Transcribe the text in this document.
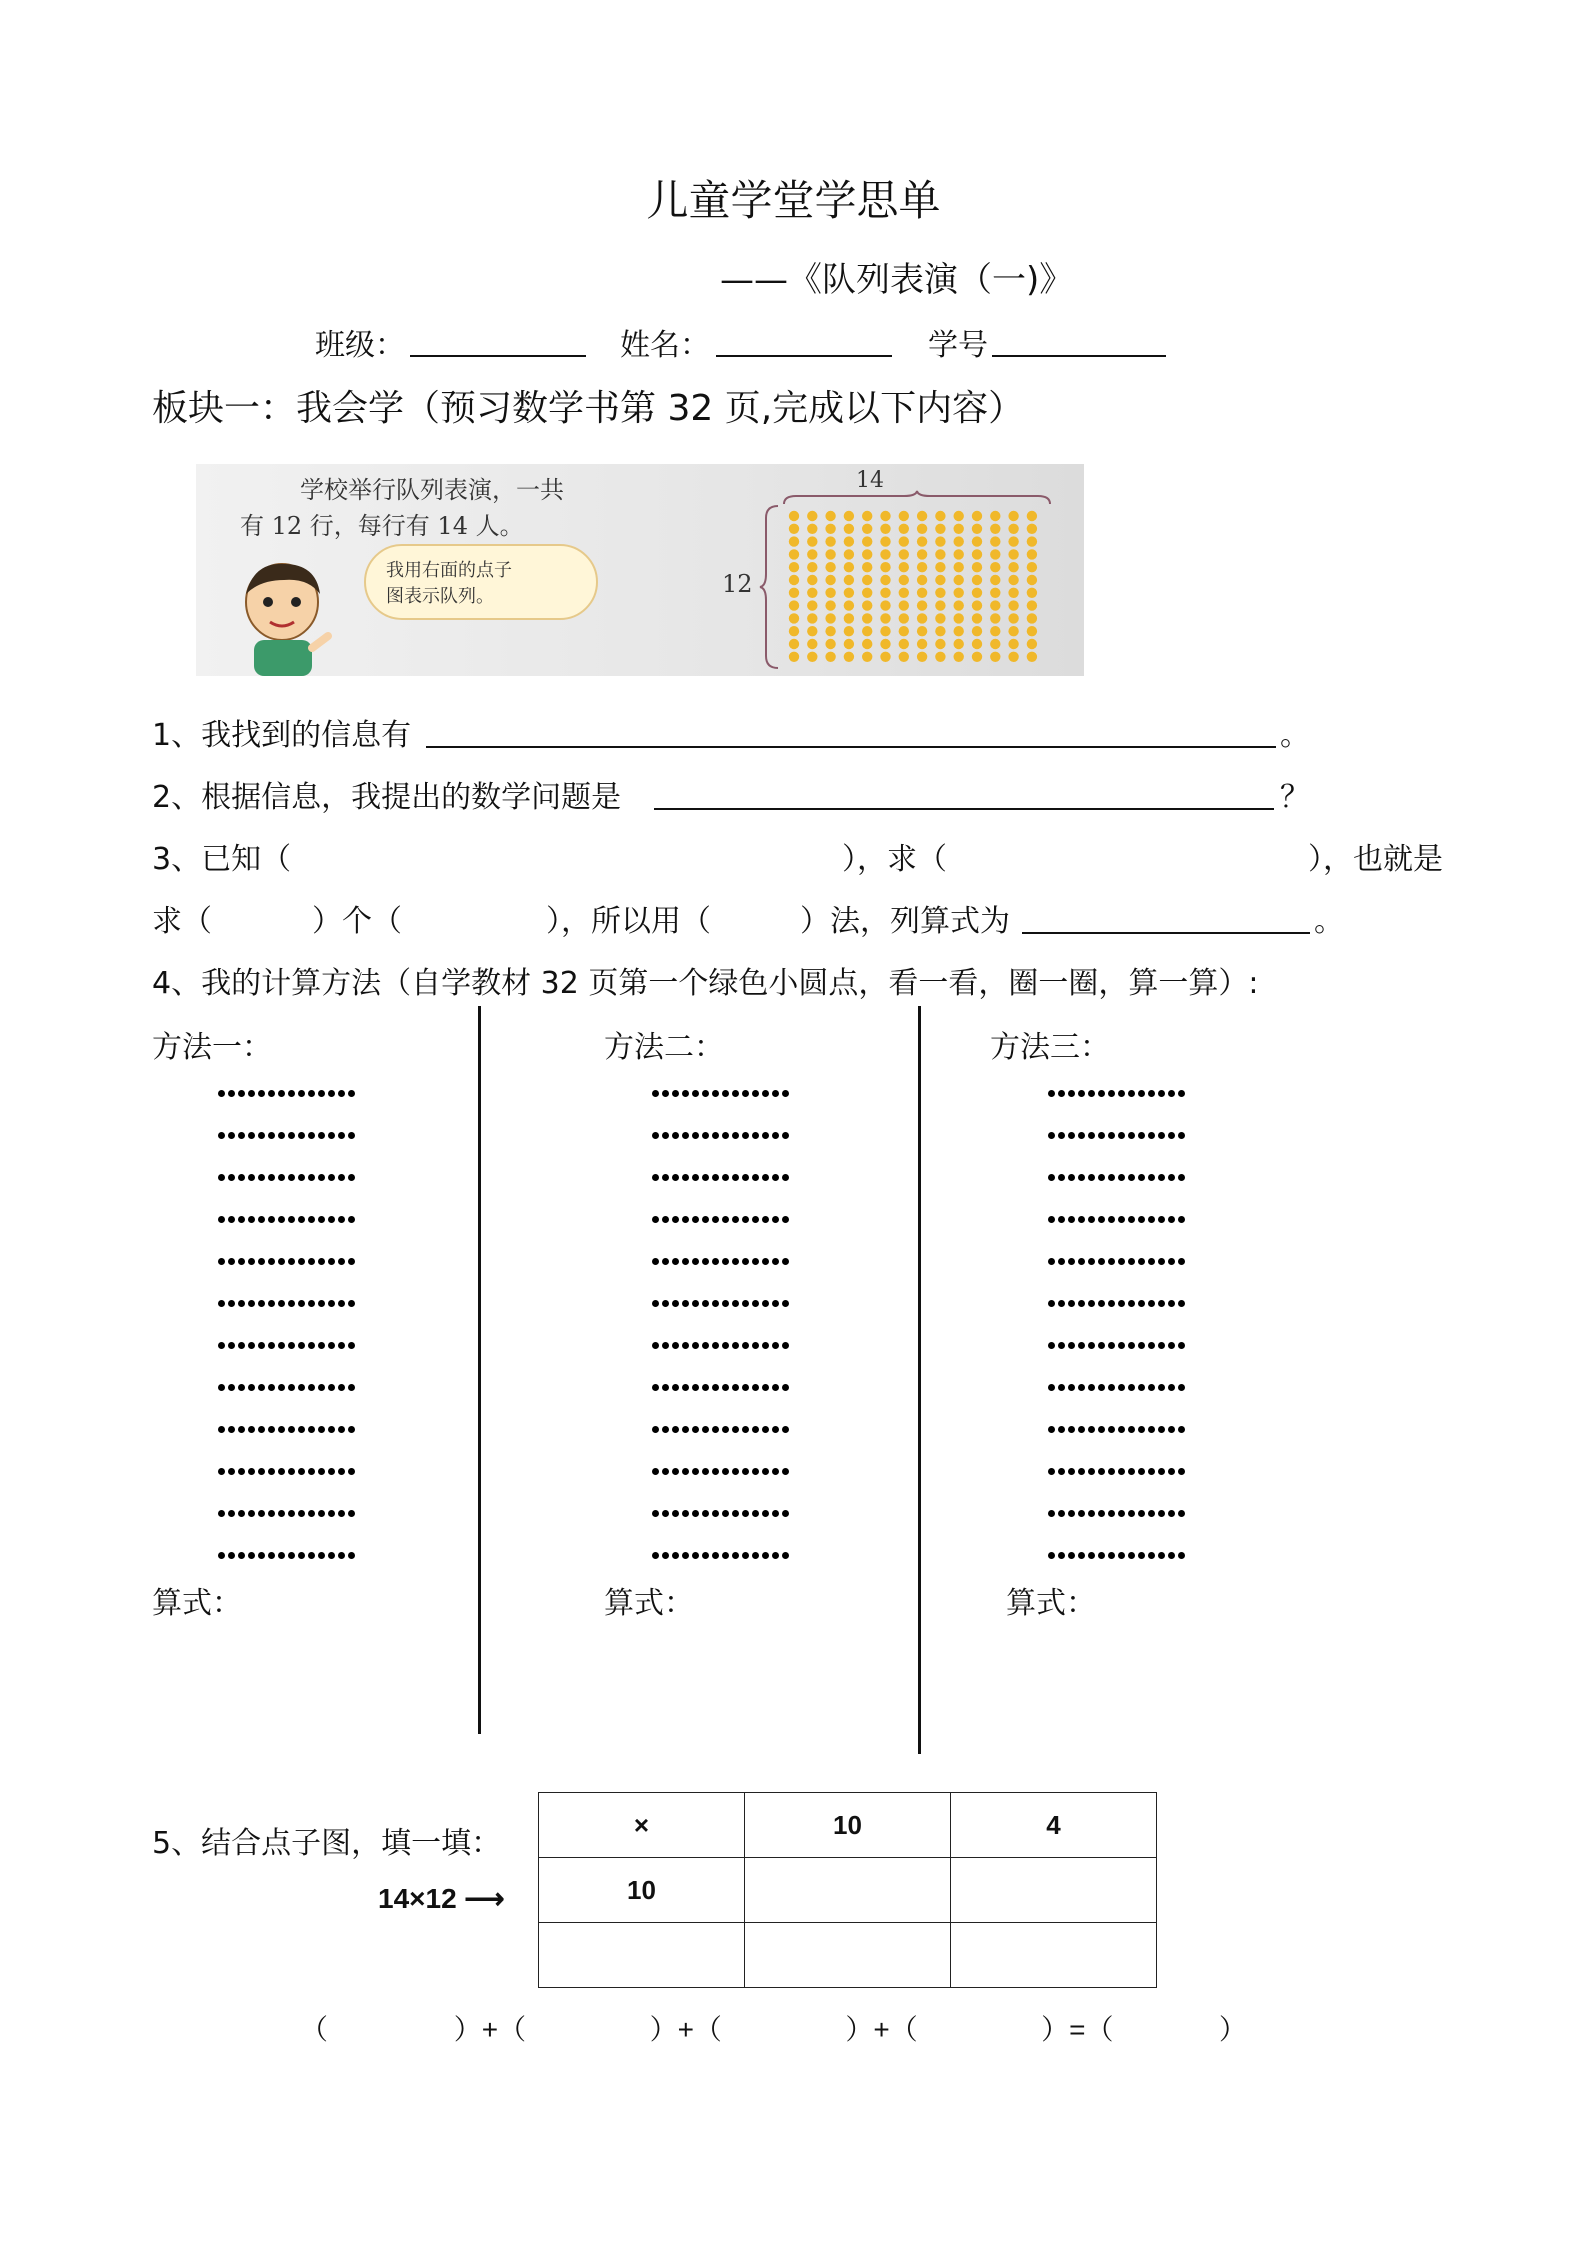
儿童学堂学思单
——《队列表演（一)》
班级：	姓名：	学号
板块一：我会学（预习数学书第 32 页,完成以下内容）
学校举行队列表演，一共
有 12 行，每行有 14 人。
我用右面的点子
图表示队列。
14
12
1、我找到的信息有	。
2、根据信息，我提出的数学问题是	？
3、已知（	），求（	），也就是
求（	）个（	），所以用（	）法，列算式为	。
4、我的计算方法（自学教材 32 页第一个绿色小圆点，看一看，圈一圈，算一算）:
方法一：	方法二：	方法三：
算式：	算式：	算式：
5、结合点子图，填一填：
14×12 ⟶
×	10	4
10		

（	）+（	）+（	）+（	）=（	）
